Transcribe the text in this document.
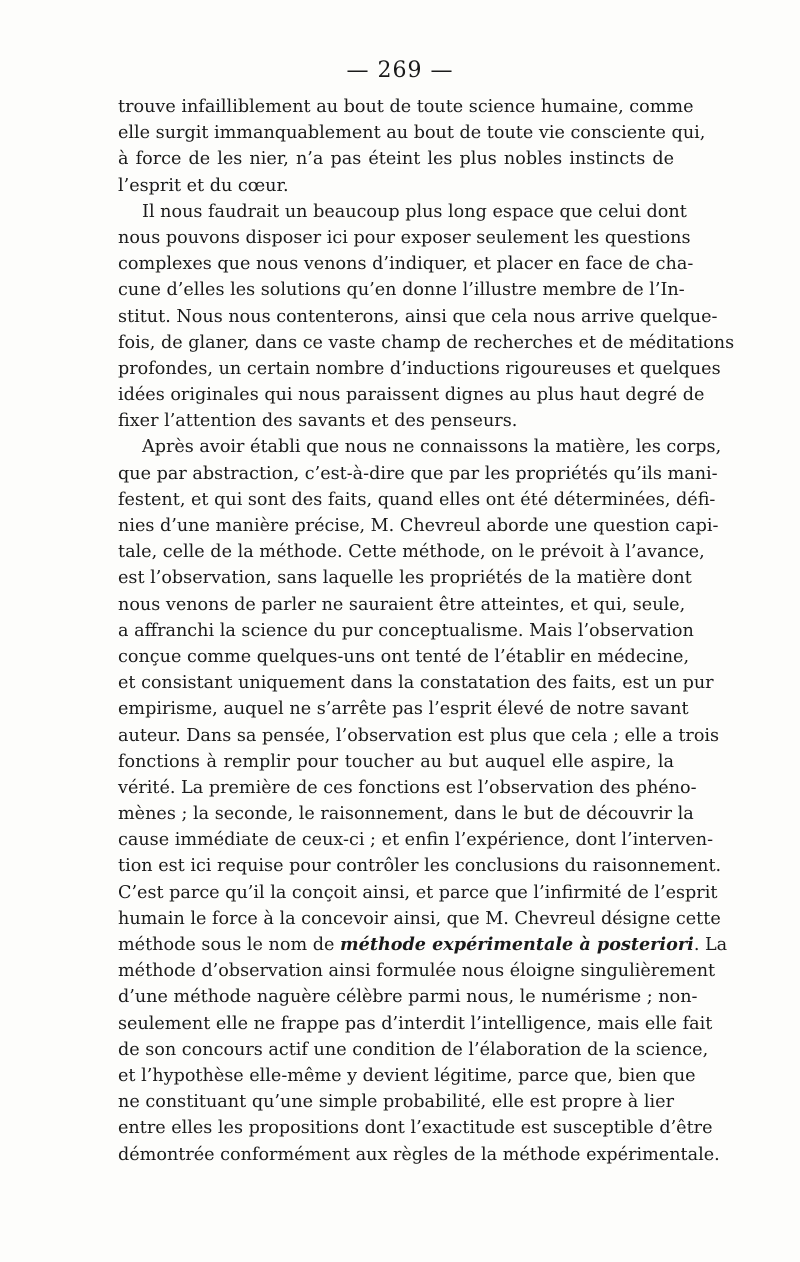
— 269 —
trouve infailliblement au bout de toute science humaine, comme
elle surgit immanquablement au bout de toute vie consciente qui,
à force de les nier, n’a pas éteint les plus nobles instincts de
l’esprit et du cœur.
Il nous faudrait un beaucoup plus long espace que celui dont
nous pouvons disposer ici pour exposer seulement les questions
complexes que nous venons d’indiquer, et placer en face de cha-
cune d’elles les solutions qu’en donne l’illustre membre de l’In-
stitut. Nous nous contenterons, ainsi que cela nous arrive quelque-
fois, de glaner, dans ce vaste champ de recherches et de méditations
profondes, un certain nombre d’inductions rigoureuses et quelques
idées originales qui nous paraissent dignes au plus haut degré de
fixer l’attention des savants et des penseurs.
Après avoir établi que nous ne connaissons la matière, les corps,
que par abstraction, c’est-à-dire que par les propriétés qu’ils mani-
festent, et qui sont des faits, quand elles ont été déterminées, défi-
nies d’une manière précise, M. Chevreul aborde une question capi-
tale, celle de la méthode. Cette méthode, on le prévoit à l’avance,
est l’observation, sans laquelle les propriétés de la matière dont
nous venons de parler ne sauraient être atteintes, et qui, seule,
a affranchi la science du pur conceptualisme. Mais l’observation
conçue comme quelques-uns ont tenté de l’établir en médecine,
et consistant uniquement dans la constatation des faits, est un pur
empirisme, auquel ne s’arrête pas l’esprit élevé de notre savant
auteur. Dans sa pensée, l’observation est plus que cela ; elle a trois
fonctions à remplir pour toucher au but auquel elle aspire, la
vérité. La première de ces fonctions est l’observation des phéno-
mènes ; la seconde, le raisonnement, dans le but de découvrir la
cause immédiate de ceux-ci ; et enfin l’expérience, dont l’interven-
tion est ici requise pour contrôler les conclusions du raisonnement.
C’est parce qu’il la conçoit ainsi, et parce que l’infirmité de l’esprit
humain le force à la concevoir ainsi, que M. Chevreul désigne cette
méthode sous le nom de méthode expérimentale à posteriori. La
méthode d’observation ainsi formulée nous éloigne singulièrement
d’une méthode naguère célèbre parmi nous, le numérisme ; non-
seulement elle ne frappe pas d’interdit l’intelligence, mais elle fait
de son concours actif une condition de l’élaboration de la science,
et l’hypothèse elle-même y devient légitime, parce que, bien que
ne constituant qu’une simple probabilité, elle est propre à lier
entre elles les propositions dont l’exactitude est susceptible d’être
démontrée conformément aux règles de la méthode expérimentale.
